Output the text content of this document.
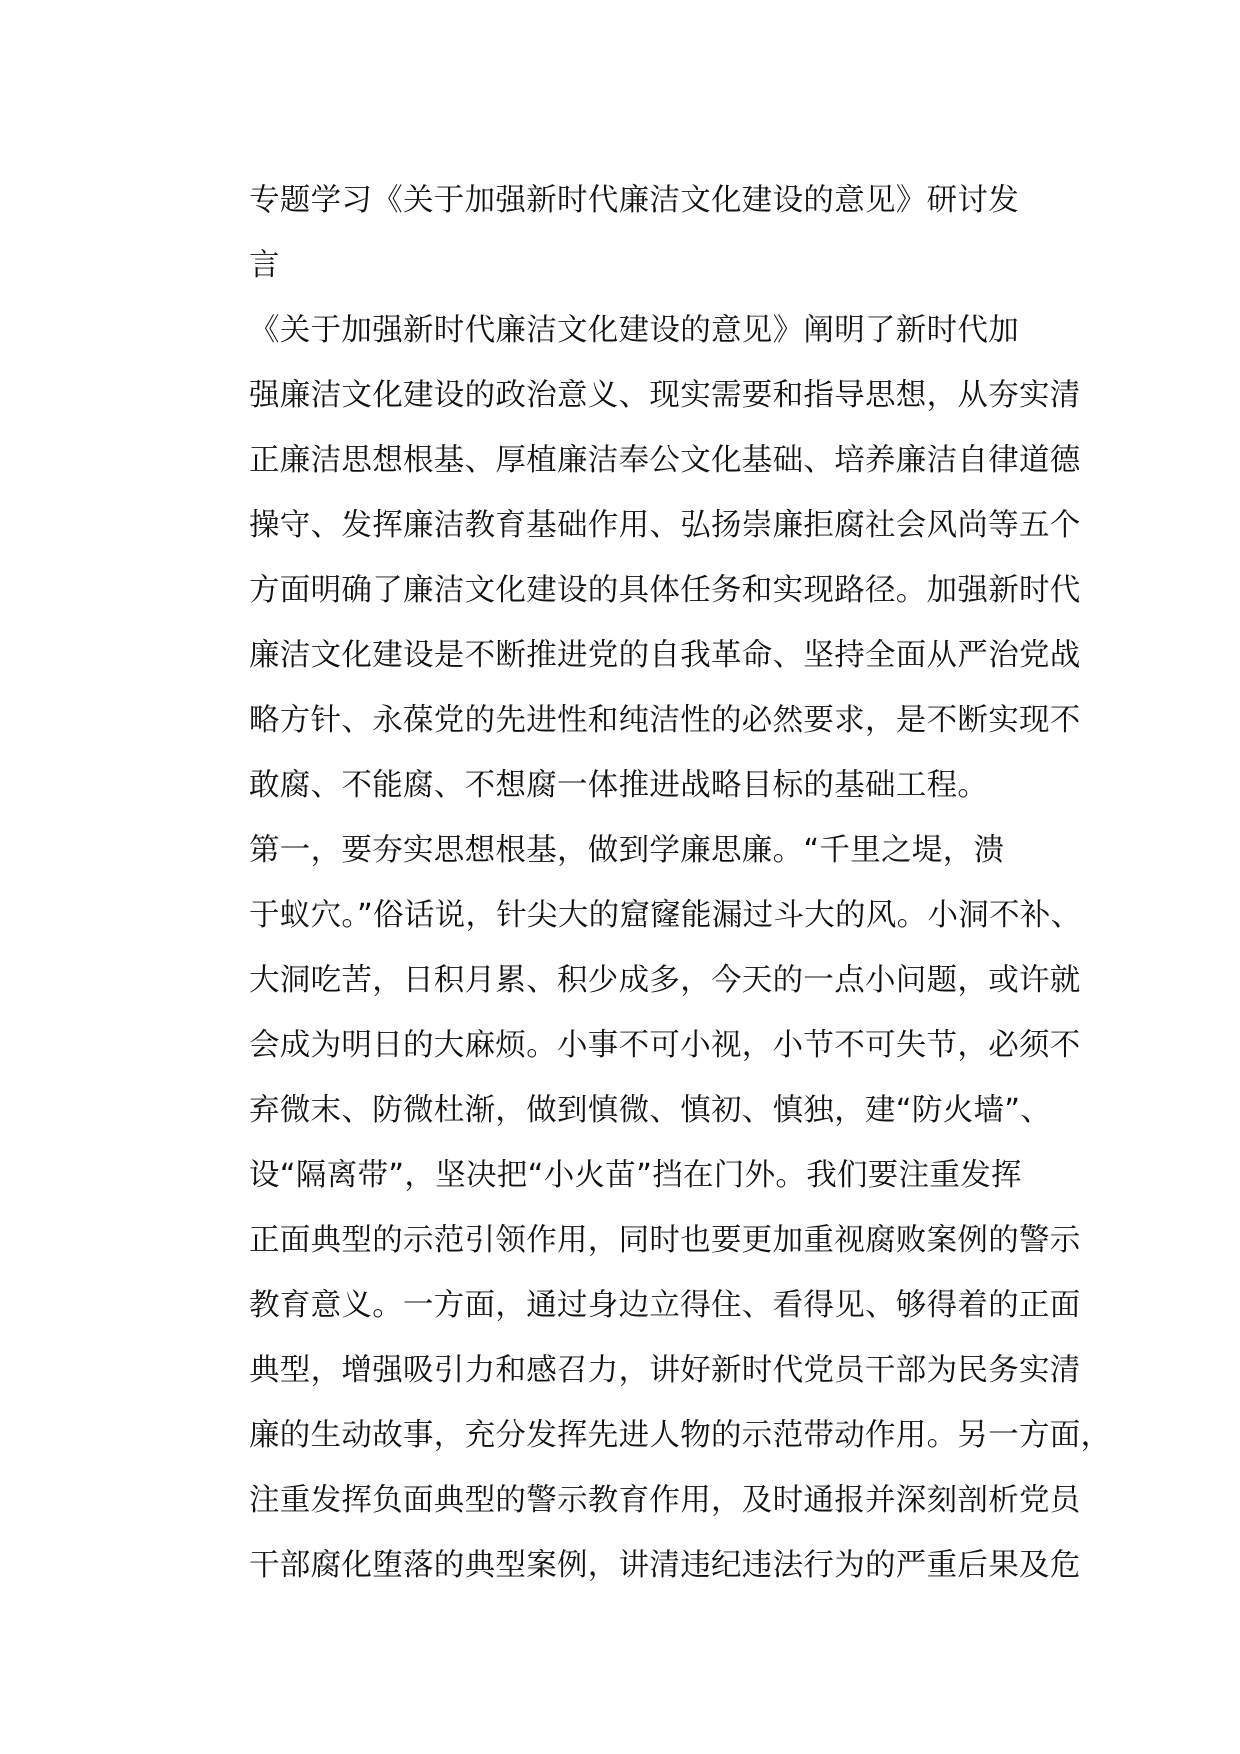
专题学习《关于加强新时代廉洁文化建设的意见》研讨发
言

《关于加强新时代廉洁文化建设的意见》阐明了新时代加
强廉洁文化建设的政治意义、现实需要和指导思想，从夯实清
正廉洁思想根基、厚植廉洁奉公文化基础、培养廉洁自律道德
操守、发挥廉洁教育基础作用、弘扬崇廉拒腐社会风尚等五个
方面明确了廉洁文化建设的具体任务和实现路径。加强新时代
廉洁文化建设是不断推进党的自我革命、坚持全面从严治党战
略方针、永葆党的先进性和纯洁性的必然要求，是不断实现不
敢腐、不能腐、不想腐一体推进战略目标的基础工程。

第一，要夯实思想根基，做到学廉思廉。“千里之堤，溃
于蚁穴。”俗话说，针尖大的窟窿能漏过斗大的风。小洞不补、
大洞吃苦，日积月累、积少成多，今天的一点小问题，或许就
会成为明日的大麻烦。小事不可小视，小节不可失节，必须不
弃微末、防微杜渐，做到慎微、慎初、慎独，建“防火墙”、
设“隔离带”，坚决把“小火苗”挡在门外。我们要注重发挥
正面典型的示范引领作用，同时也要更加重视腐败案例的警示
教育意义。一方面，通过身边立得住、看得见、够得着的正面
典型，增强吸引力和感召力，讲好新时代党员干部为民务实清
廉的生动故事，充分发挥先进人物的示范带动作用。另一方面，
注重发挥负面典型的警示教育作用，及时通报并深刻剖析党员
干部腐化堕落的典型案例，讲清违纪违法行为的严重后果及危
